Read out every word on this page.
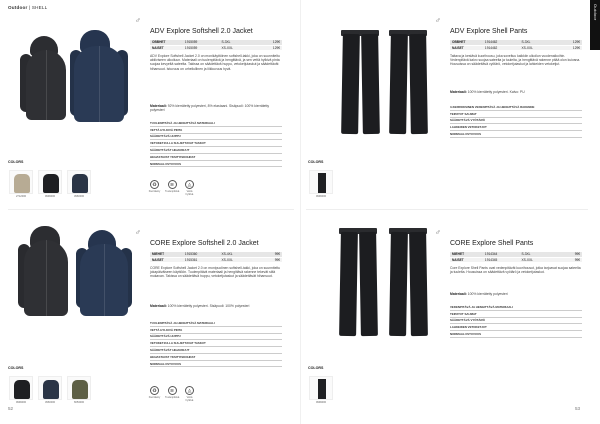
Outdoor | SHELL	Outdoor
52	53
♂
ADV Explore Softshell 2.0 Jacket
OBBHET	1915059	S-3XL	129€
NAISET	1915059	XS-XXL	129€
ADV Explore Softshell Jacket 2.0 on monikäyttöinen softshell-takki, joka on suunniteltu aktiiviseen ulkoiluun. Materiaali on tuulenpitävä ja hengittävä, ja sen vettä hylkivä pinta suojaa kevyeltä sateelta. Takissa on säädettävä huppu, vetoketjutaskut ja säädettävät hihansuut. Istuvuus on urheilullinen ja liikkuvuus hyvä.
Materiaali: 92% kierrätetty polyesteri, 8% elastaani. Sisäpuoli: 100% kierrätetty polyesteri
TUULENPITÄVÄ JA HENGITTÄVÄ MATERIAALI
VETTÄ HYLKIVÄ PINTA
SÄÄDETTÄVÄ HUPPU
VETOKETJULLA SULJETTAVAT TASKUT
SÄÄDETTÄVÄT HIHANSUUT
HEIJASTAVAT YKSITYISKOHDAT
NORMAALI ISTUVUUS
♻
Kierrätetty
≋
Tuulenpitävä
◬
Vettä hylkivä
COLORS
2712000	9999000	3960000
♂
ADV Explore Shell Pants
OBBHET	1914462	S-3XL	129€
NAISET	1914462	XS-XXL	129€
Taitava ja kestävä kuorihousu, joka soveltuu kaikkiin ulkoilun vuodenaikoihin. Vedenpitävä kalvo suojaa sateelta ja tuulelta, ja hengittävä rakenne pitää olon kuivana. Housuissa on säädettävä vyötärö, vetoketjutaskut ja lahkeiden vetoketjut.
Materiaali: 100% kierrätetty polyesteri. Kalvo: PU
3-KERROKSINEN VEDENPITÄVÄ JA HENGITTÄVÄ RAKENNE
TEIPATUT SAUMAT
SÄÄDETTÄVÄ VYÖTÄRÖ
LAHKEIDEN VETOKETJUT
NORMAALI ISTUVUUS
COLORS
9999000
♂
CORE Explore Softshell 2.0 Jacket
MIEHET	1915360	XS-4XL	99€
NAISET	1915361	XS-XXL	99€
CORE Explore Softshell Jacket 2.0 on monipuolinen softshell-takki, joka on suunniteltu jokapäiväiseen käyttöön. Tuulenpitävä materiaali ja hengittävä rakenne tekevät siitä mukavan. Takissa on säädettävä huppu, vetoketjutaskut ja säädettävät hihansuut.
Materiaali: 100% kierrätetty polyesteri. Sisäpuoli: 100% polyesteri
TUULENPITÄVÄ JA HENGITTÄVÄ MATERIAALI
VETTÄ HYLKIVÄ PINTA
SÄÄDETTÄVÄ HUPPU
VETOKETJULLA SULJETTAVAT TASKUT
SÄÄDETTÄVÄT HIHANSUUT
HEIJASTAVAT YKSITYISKOHDAT
NORMAALI ISTUVUUS
♻
Kierrätetty
≋
Tuulenpitävä
◬
Vettä hylkivä
COLORS
9999000	3960000	6653000
♂
CORE Explore Shell Pants
MIEHET	1914344	S-3XL	99€
NAISET	1914345	XS-XXL	99€
Core Explore Shell Pants ovat vedenpitävät kuorihousut, jotka tarjoavat suojaa sateelta ja tuulelta. Housuissa on säädettävä vyötärö ja vetoketjutaskut.
Materiaali: 100% kierrätetty polyesteri
VEDENPITÄVÄ JA HENGITTÄVÄ MATERIAALI
TEIPATUT SAUMAT
SÄÄDETTÄVÄ VYÖTÄRÖ
LAHKEIDEN VETOKETJUT
NORMAALI ISTUVUUS
COLORS
9999000
